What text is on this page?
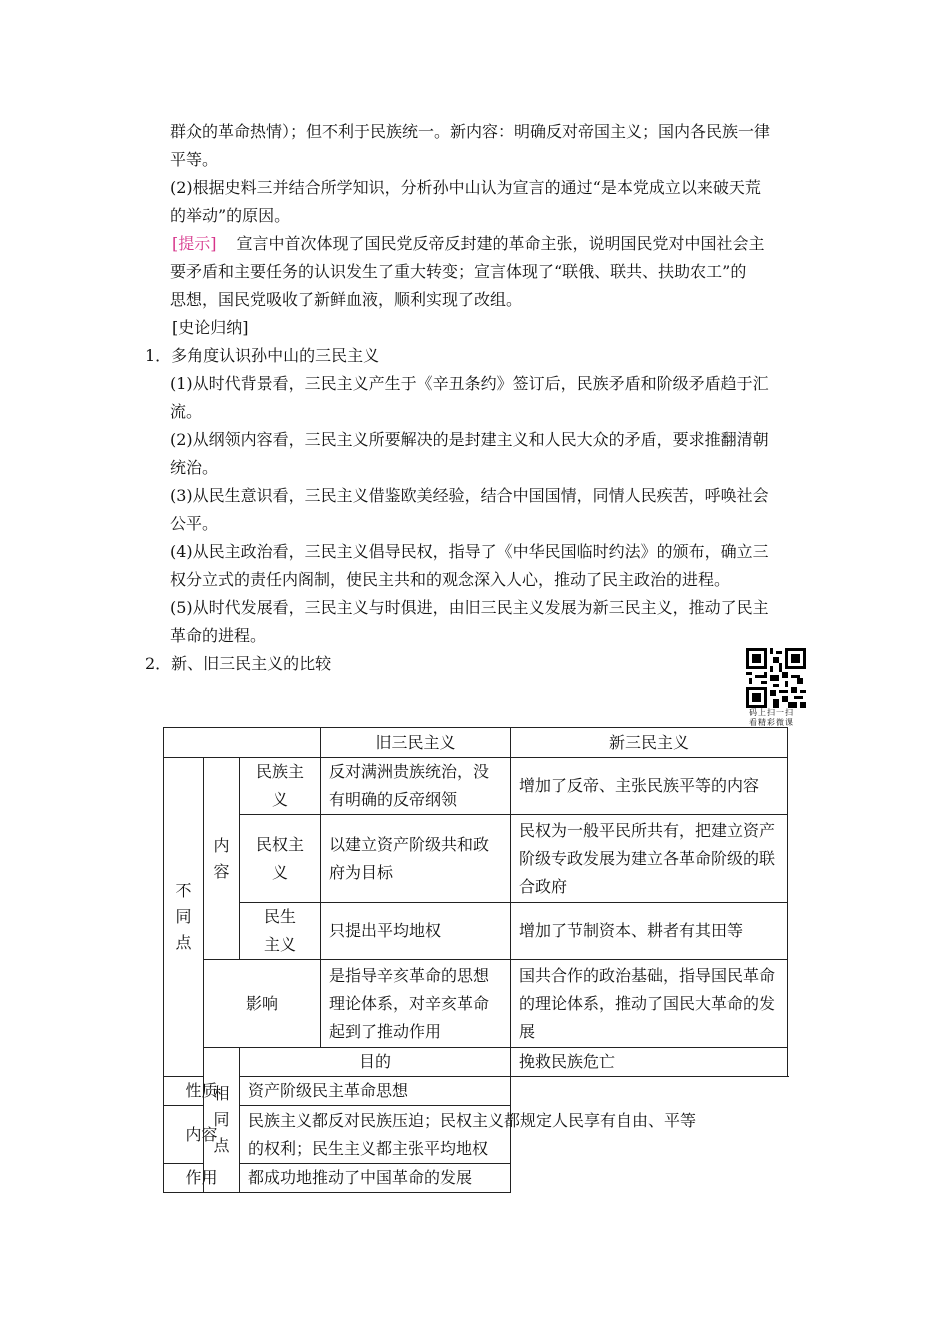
群众的革命热情）；但不利于民族统一。新内容：明确反对帝国主义；国内各民族一律
平等。
(2)根据史料三并结合所学知识，分析孙中山认为宣言的通过“是本党成立以来破天荒
的举动”的原因。
[提示] 宣言中首次体现了国民党反帝反封建的革命主张，说明国民党对中国社会主
要矛盾和主要任务的认识发生了重大转变；宣言体现了“联俄、联共、扶助农工”的
思想，国民党吸收了新鲜血液，顺利实现了改组。
[史论归纳]
1．多角度认识孙中山的三民主义
(1)从时代背景看，三民主义产生于《辛丑条约》签订后，民族矛盾和阶级矛盾趋于汇
流。
(2)从纲领内容看，三民主义所要解决的是封建主义和人民大众的矛盾，要求推翻清朝
统治。
(3)从民生意识看，三民主义借鉴欧美经验，结合中国国情，同情人民疾苦，呼唤社会
公平。
(4)从民主政治看，三民主义倡导民权，指导了《中华民国临时约法》的颁布，确立三
权分立式的责任内阁制，使民主共和的观念深入人心，推动了民主政治的进程。
(5)从时代发展看，三民主义与时俱进，由旧三民主义发展为新三民主义，推动了民主
革命的进程。
2．新、旧三民主义的比较
码上扫一扫
看精彩微课
			旧三民主义	新三民主义

不同点	内容	民族主义	反对满洲贵族统治，没有明确的反帝纲领	增加了反帝、主张民族平等的内容

		民权主义	以建立资产阶级共和政府为目标	民权为一般平民所共有，把建立资产阶级专政发展为建立各革命阶级的联合政府

		民生主义	只提出平均地权	增加了节制资本、耕者有其田等
	影响		是指导辛亥革命的思想理论体系，对辛亥革命起到了推动作用	国共合作的政治基础，指导国民革命的理论体系，推动了国民大革命的发展

	相同点	目的		挽救民族危亡
性质		资产阶级民主革命思想		
内容		民族主义都反对民族压迫；民权主义都规定人民享有自由、平等的权利；民生主义都主张平均地权		

作用		都成功地推动了中国革命的发展		
